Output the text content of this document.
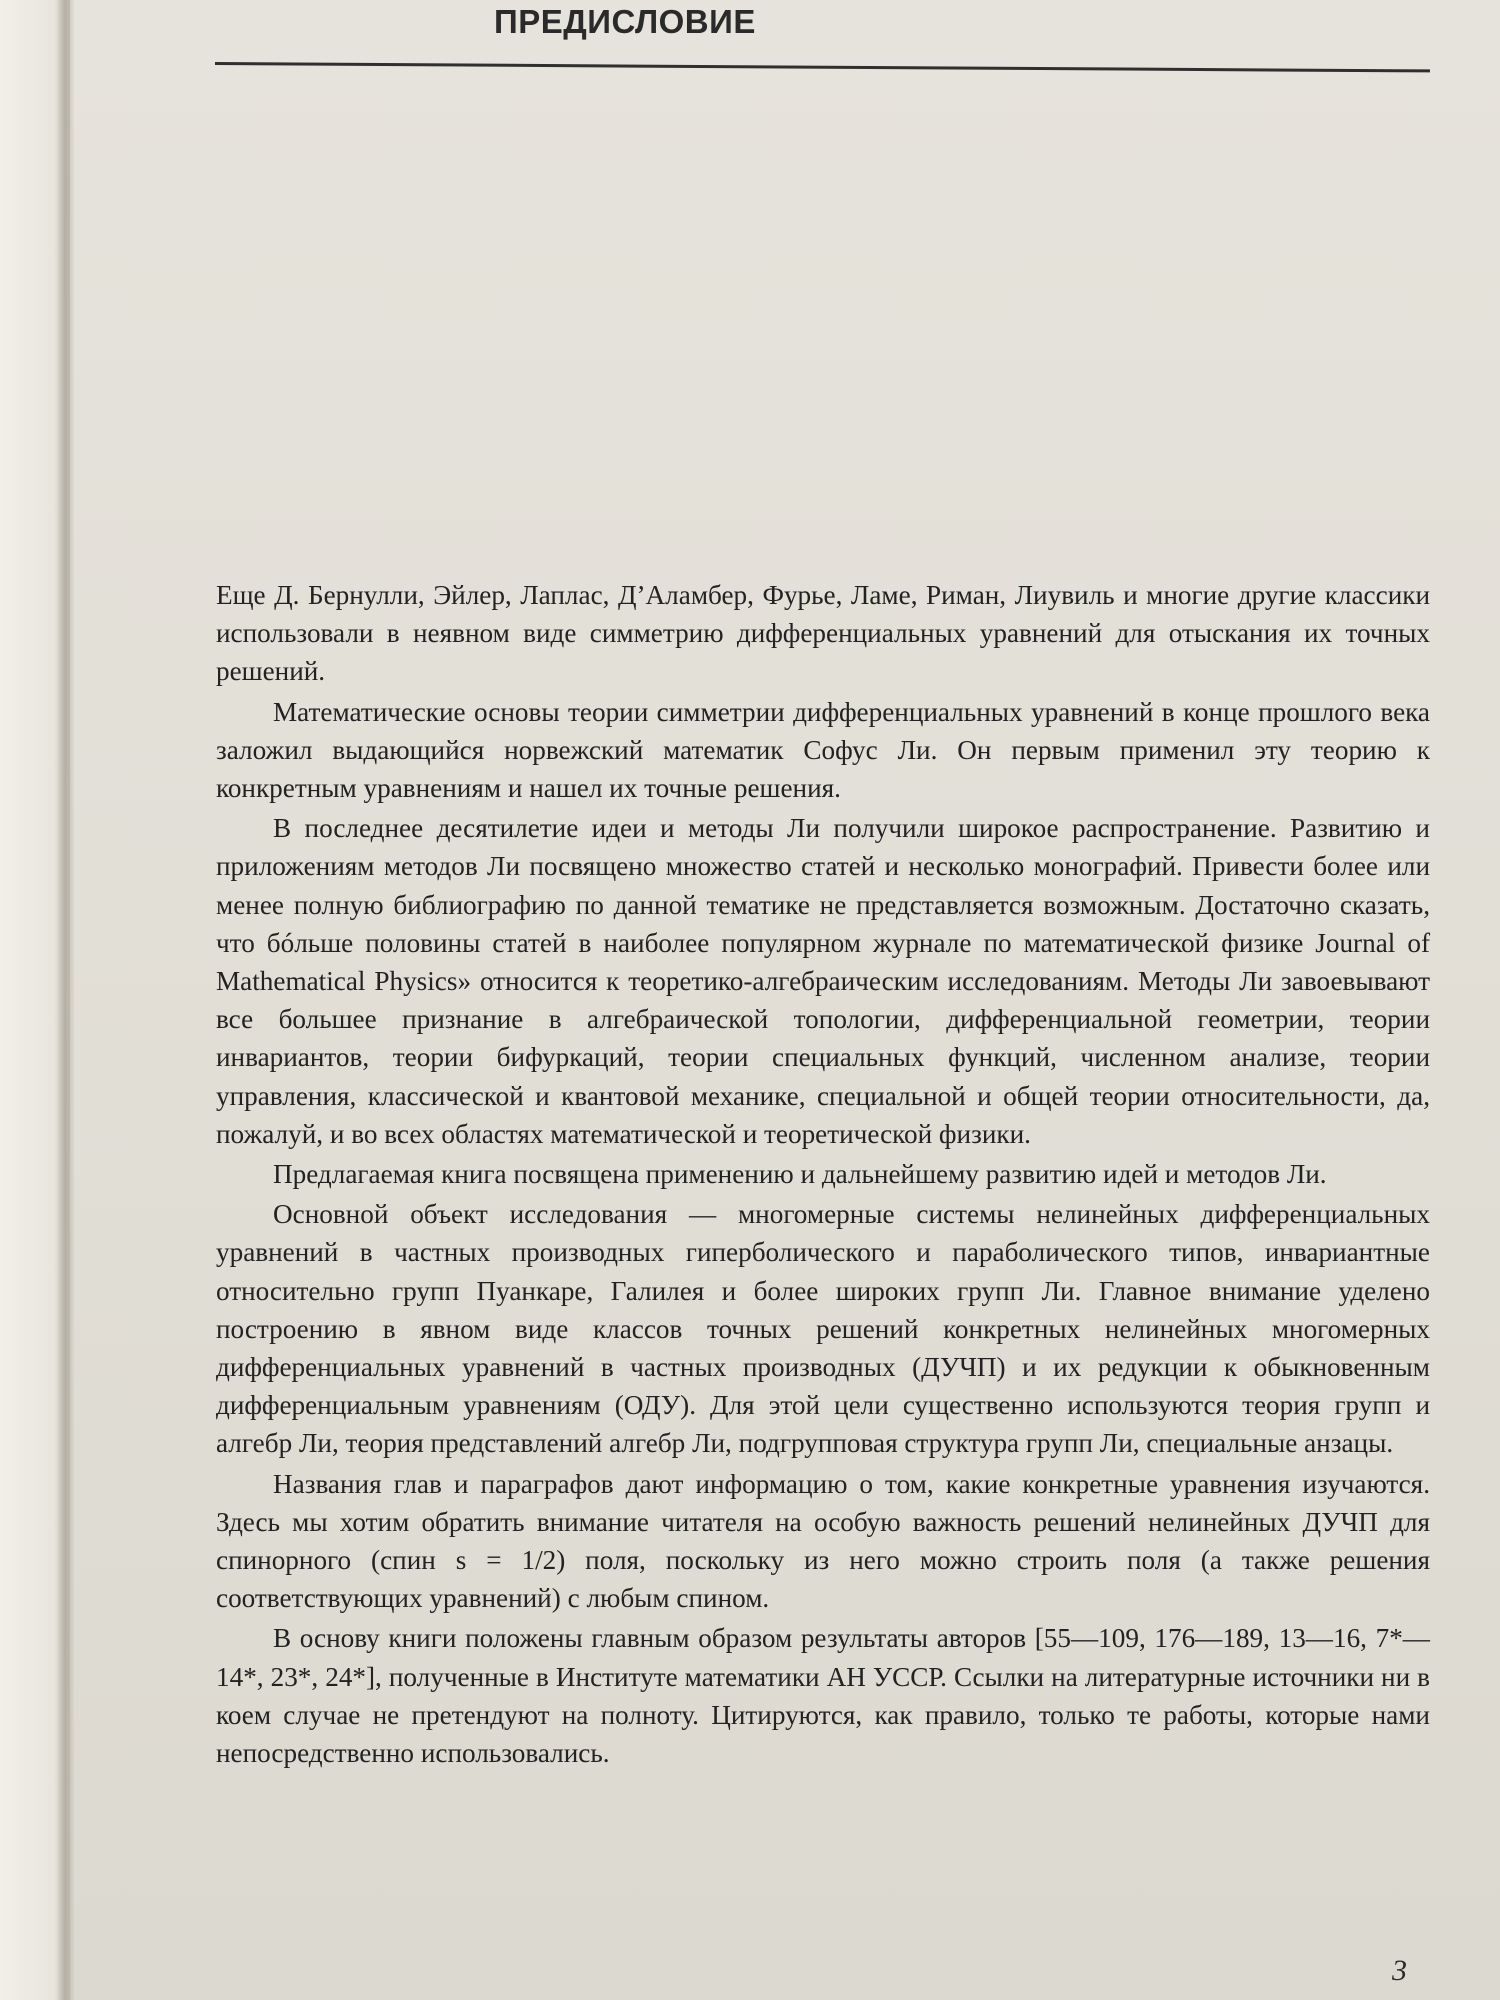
ПРЕДИСЛОВИЕ

Еще Д. Бернулли, Эйлер, Лаплас, Д’Аламбер, Фурье, Ламе, Риман, Лиувиль и многие другие классики использовали в неявном виде симметрию дифференциальных уравнений для отыскания их точных решений.

Математические основы теории симметрии дифференциальных уравнений в конце прошлого века заложил выдающийся норвежский математик Софус Ли. Он первым применил эту теорию к конкретным уравнениям и нашел их точные решения.

В последнее десятилетие идеи и методы Ли получили широкое распространение. Развитию и приложениям методов Ли посвящено множество статей и несколько монографий. Привести более или менее полную библиографию по данной тематике не представляется возможным. Достаточно сказать, что бóльше половины статей в наиболее популярном журнале по математической физике Journal of Mathematical Physics» относится к теоретико-алгебраическим исследованиям. Методы Ли завоевывают все большее признание в алгебраической топологии, дифференциальной геометрии, теории инвариантов, теории бифуркаций, теории специальных функций, численном анализе, теории управления, классической и квантовой механике, специальной и общей теории относительности, да, пожалуй, и во всех областях математической и теоретической физики.

Предлагаемая книга посвящена применению и дальнейшему развитию идей и методов Ли.

Основной объект исследования — многомерные системы нелинейных дифференциальных уравнений в частных производных гиперболического и параболического типов, инвариантные относительно групп Пуанкаре, Галилея и более широких групп Ли. Главное внимание уделено построению в явном виде классов точных решений конкретных нелинейных многомерных дифференциальных уравнений в частных производных (ДУЧП) и их редукции к обыкновенным дифференциальным уравнениям (ОДУ). Для этой цели существенно используются теория групп и алгебр Ли, теория представлений алгебр Ли, подгрупповая структура групп Ли, специальные анзацы.

Названия глав и параграфов дают информацию о том, какие конкретные уравнения изучаются. Здесь мы хотим обратить внимание читателя на особую важность решений нелинейных ДУЧП для спинорного (спин s = 1/2) поля, поскольку из него можно строить поля (а также решения соответствующих уравнений) с любым спином.

В основу книги положены главным образом результаты авторов [55—109, 176—189, 13—16, 7*—14*, 23*, 24*], полученные в Институте математики АН УССР. Ссылки на литературные источники ни в коем случае не претендуют на полноту. Цитируются, как правило, только те работы, которые нами непосредственно использовались.

3
